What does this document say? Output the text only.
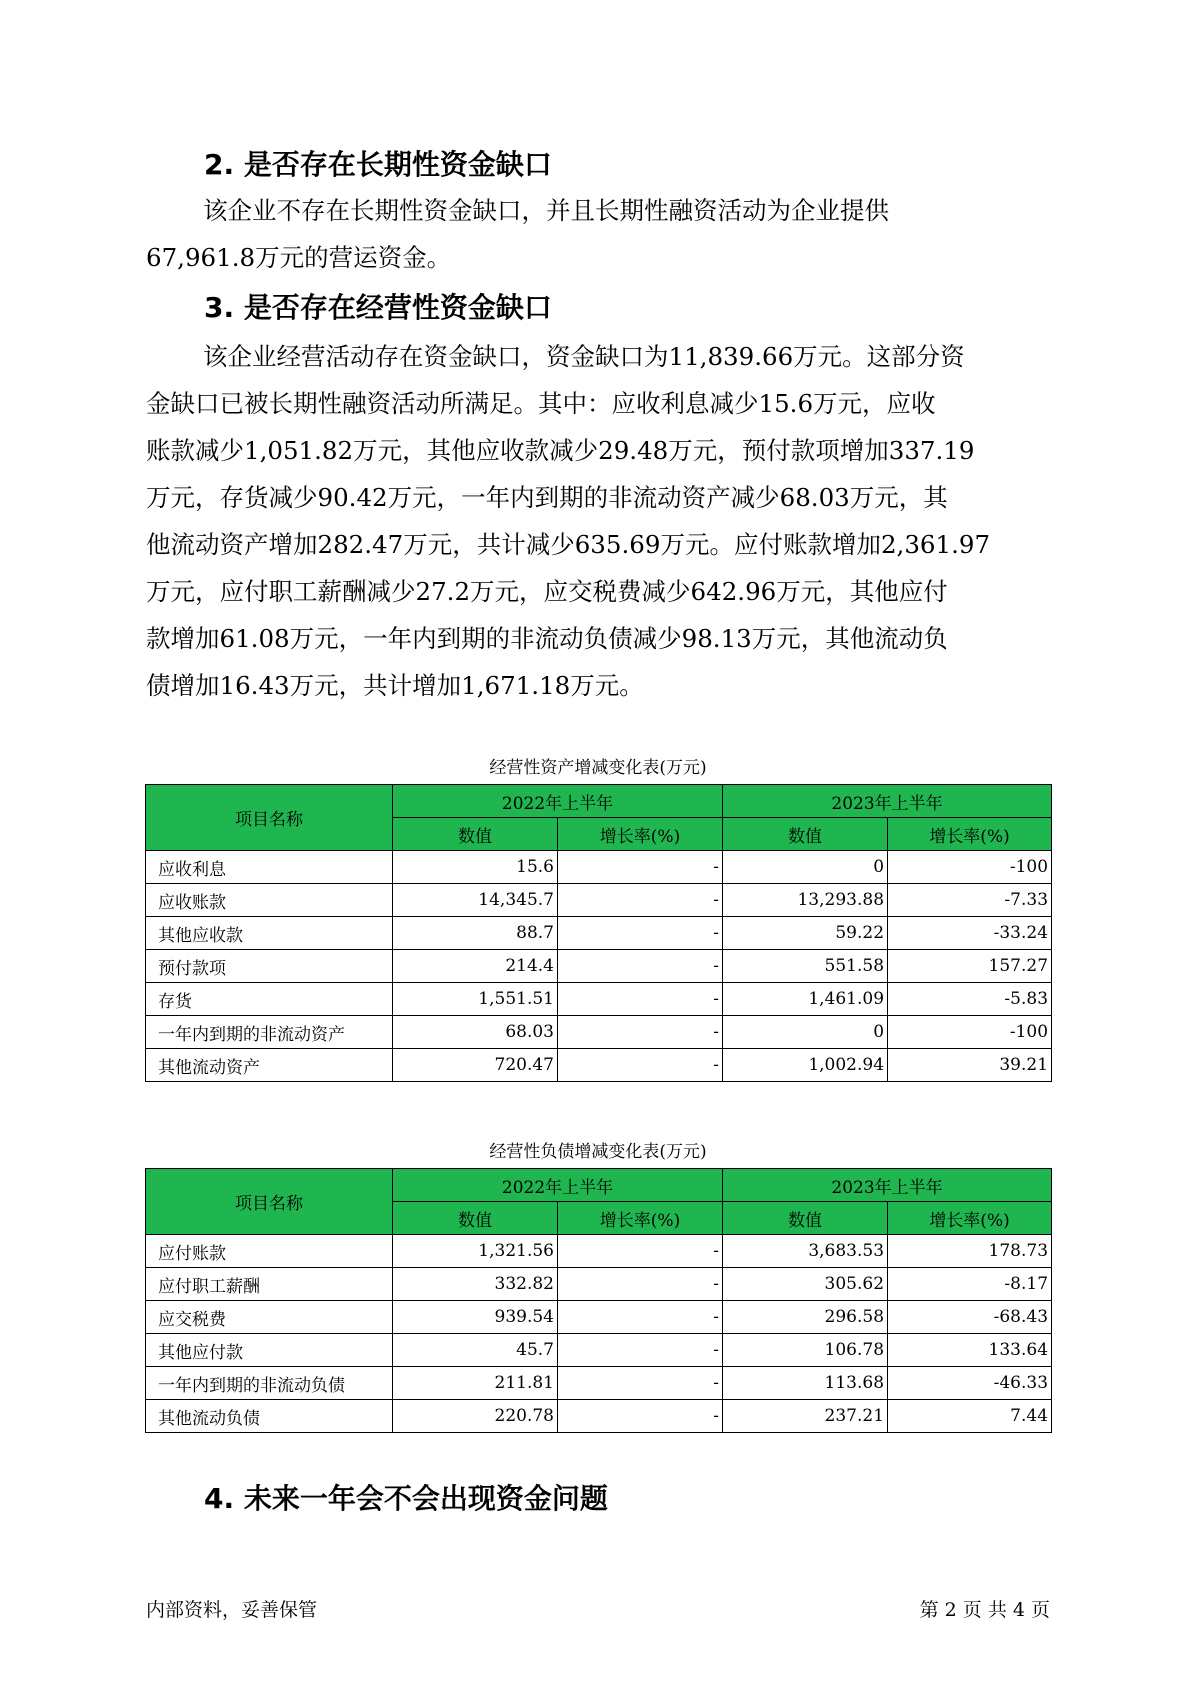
2. 是否存在长期性资金缺口
该企业不存在长期性资金缺口，并且长期性融资活动为企业提供
67,961.8万元的营运资金。
3. 是否存在经营性资金缺口
该企业经营活动存在资金缺口，资金缺口为11,839.66万元。这部分资
金缺口已被长期性融资活动所满足。其中：应收利息减少15.6万元，应收
账款减少1,051.82万元，其他应收款减少29.48万元，预付款项增加337.19
万元，存货减少90.42万元，一年内到期的非流动资产减少68.03万元，其
他流动资产增加282.47万元，共计减少635.69万元。应付账款增加2,361.97
万元，应付职工薪酬减少27.2万元，应交税费减少642.96万元，其他应付
款增加61.08万元，一年内到期的非流动负债减少98.13万元，其他流动负
债增加16.43万元，共计增加1,671.18万元。
经营性资产增减变化表(万元)
项目名称	2022年上半年		2023年上半年	
	数值	增长率(%)	数值	增长率(%)
应收利息	15.6	-	0	-100
应收账款	14,345.7	-	13,293.88	-7.33
其他应收款	88.7	-	59.22	-33.24
预付款项	214.4	-	551.58	157.27
存货	1,551.51	-	1,461.09	-5.83
一年内到期的非流动资产	68.03	-	0	-100
其他流动资产	720.47	-	1,002.94	39.21
经营性负债增减变化表(万元)
项目名称	2022年上半年		2023年上半年	
	数值	增长率(%)	数值	增长率(%)
应付账款	1,321.56	-	3,683.53	178.73
应付职工薪酬	332.82	-	305.62	-8.17
应交税费	939.54	-	296.58	-68.43
其他应付款	45.7	-	106.78	133.64
一年内到期的非流动负债	211.81	-	113.68	-46.33
其他流动负债	220.78	-	237.21	7.44
4. 未来一年会不会出现资金问题
内部资料，妥善保管	第 2 页 共 4 页
